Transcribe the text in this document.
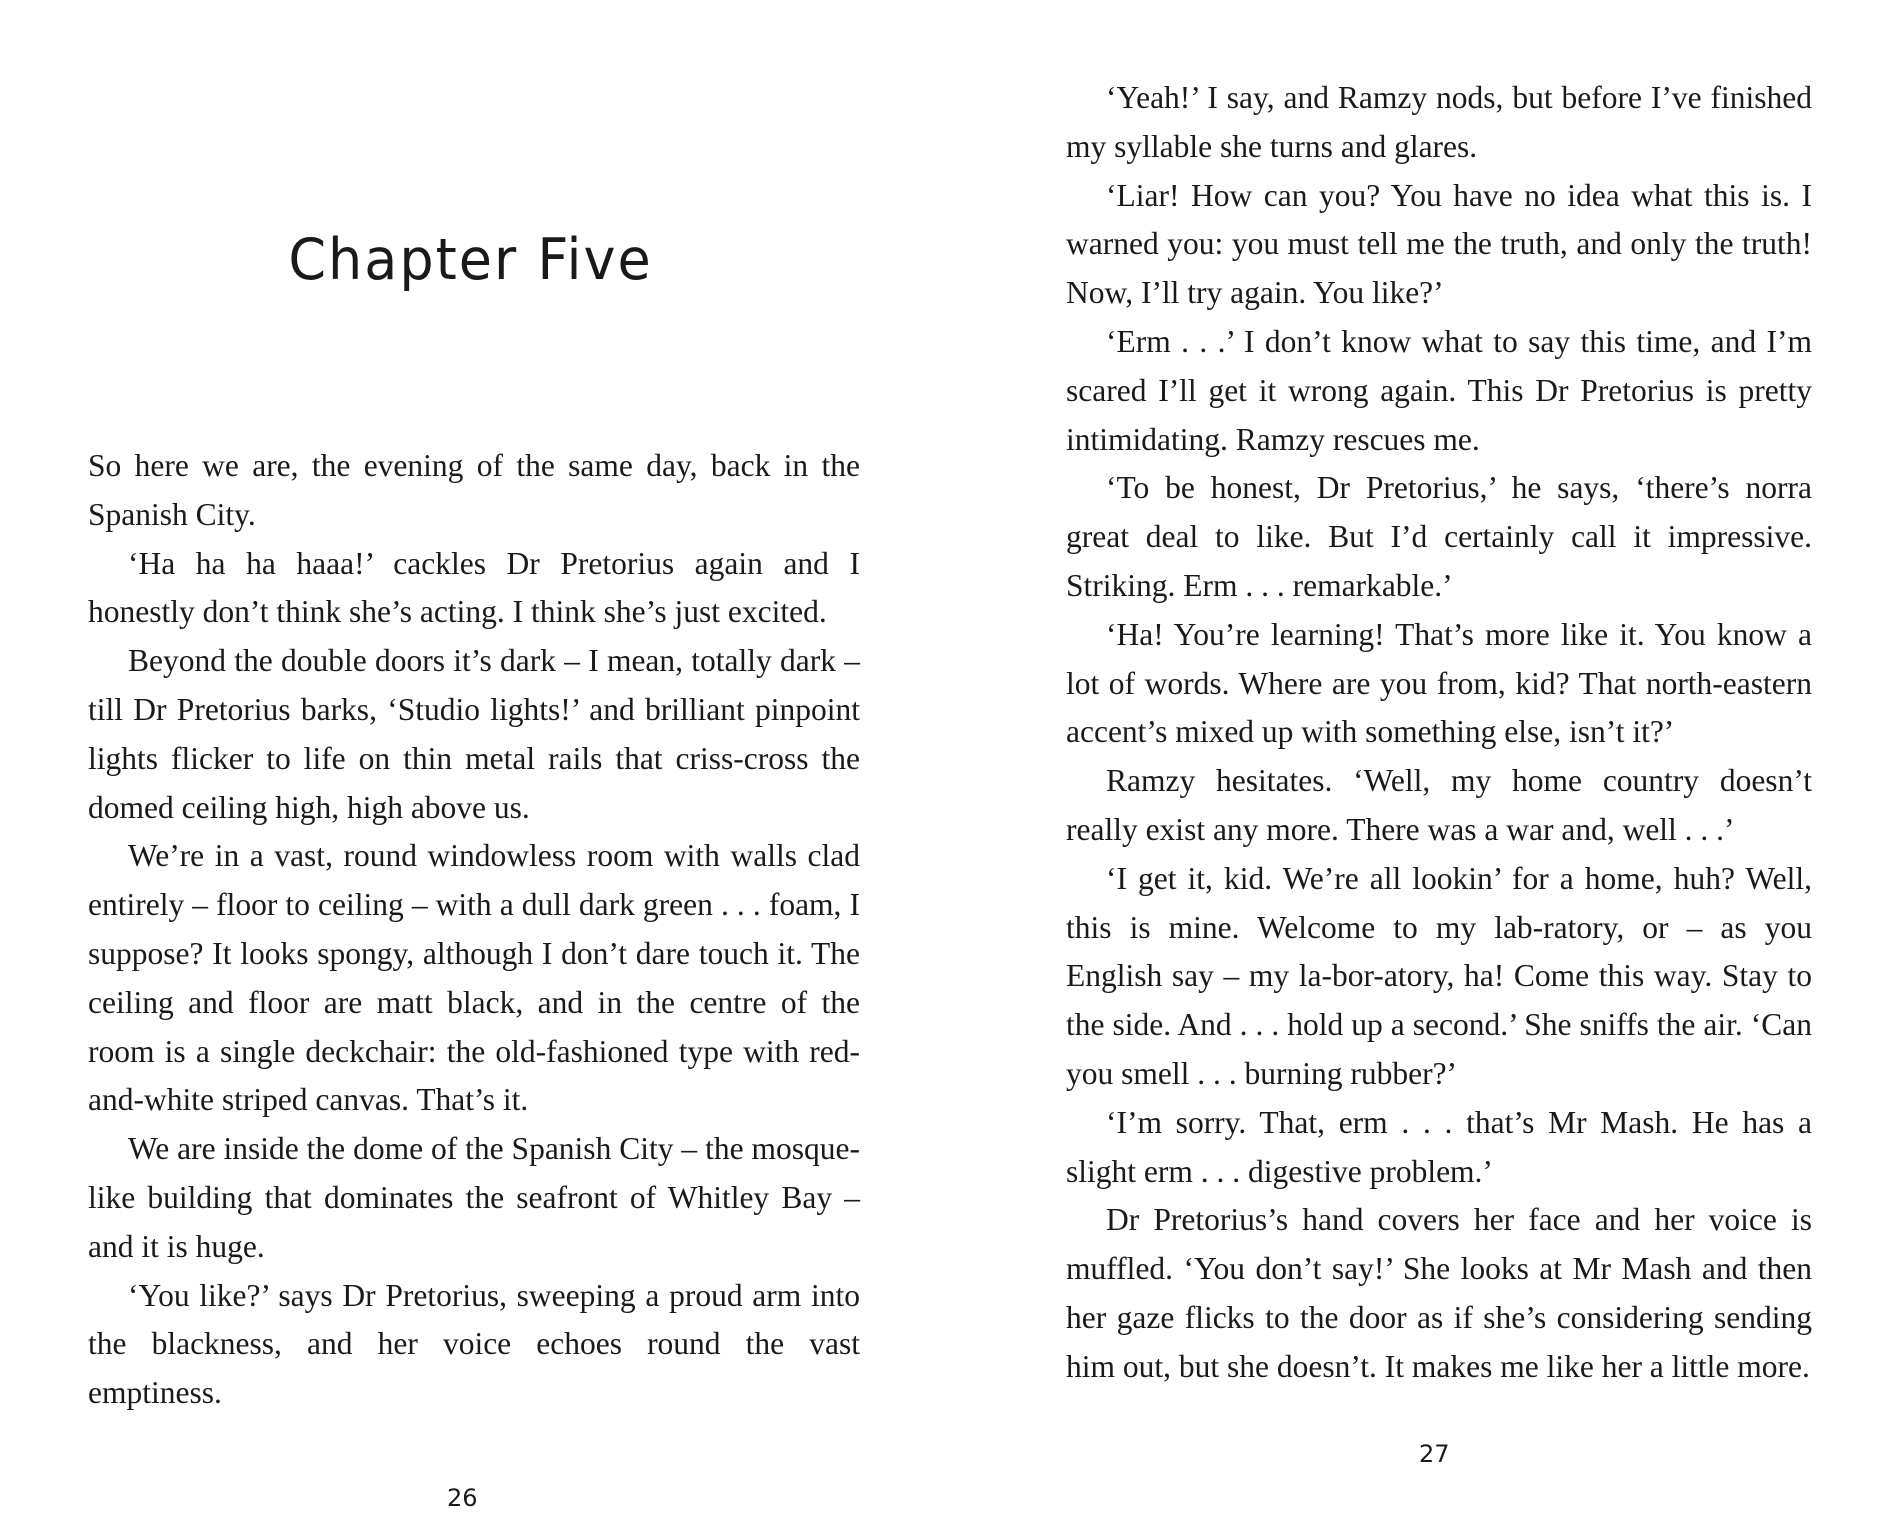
Chapter Five

So here we are, the evening of the same day, back in the Spanish City.

‘Ha ha ha haaa!’ cackles Dr Pretorius again and I honestly don’t think she’s acting. I think she’s just excited.

Beyond the double doors it’s dark – I mean, totally dark – till Dr Pretorius barks, ‘Studio lights!’ and brilliant pinpoint lights flicker to life on thin metal rails that criss-cross the domed ceiling high, high above us.

We’re in a vast, round windowless room with walls clad entirely – floor to ceiling – with a dull dark green . . . foam, I suppose? It looks spongy, although I don’t dare touch it. The ceiling and floor are matt black, and in the centre of the room is a single deckchair: the old-fashioned type with red-and-white striped canvas. That’s it.

We are inside the dome of the Spanish City – the mosque-like building that dominates the seafront of Whitley Bay – and it is huge.

‘You like?’ says Dr Pretorius, sweeping a proud arm into the blackness, and her voice echoes round the vast emptiness.

26

‘Yeah!’ I say, and Ramzy nods, but before I’ve finished my syllable she turns and glares.

‘Liar! How can you? You have no idea what this is. I warned you: you must tell me the truth, and only the truth! Now, I’ll try again. You like?’

‘Erm . . .’ I don’t know what to say this time, and I’m scared I’ll get it wrong again. This Dr Pretorius is pretty intimidating. Ramzy rescues me.

‘To be honest, Dr Pretorius,’ he says, ‘there’s norra great deal to like. But I’d certainly call it impressive. Striking. Erm . . . remarkable.’

‘Ha! You’re learning! That’s more like it. You know a lot of words. Where are you from, kid? That north-eastern accent’s mixed up with something else, isn’t it?’

Ramzy hesitates. ‘Well, my home country doesn’t really exist any more. There was a war and, well . . .’

‘I get it, kid. We’re all lookin’ for a home, huh? Well, this is mine. Welcome to my lab-ratory, or – as you English say – my la-bor-atory, ha! Come this way. Stay to the side. And . . . hold up a second.’ She sniffs the air. ‘Can you smell . . . burning rubber?’

‘I’m sorry. That, erm . . . that’s Mr Mash. He has a slight erm . . . digestive problem.’

Dr Pretorius’s hand covers her face and her voice is muffled. ‘You don’t say!’ She looks at Mr Mash and then her gaze flicks to the door as if she’s considering sending him out, but she doesn’t. It makes me like her a little more.

27
